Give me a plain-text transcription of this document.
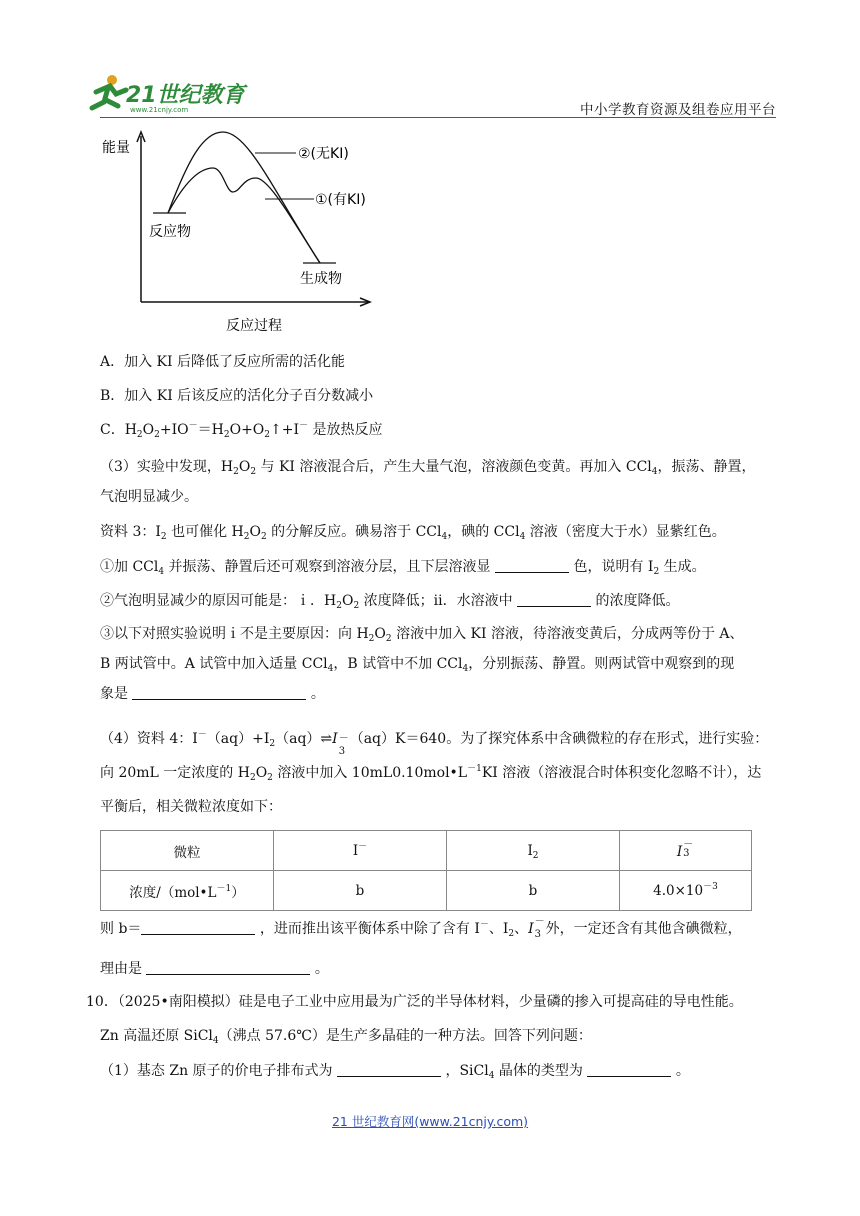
21世纪教育
www.21cnjy.com	中小学教育资源及组卷应用平台
能量
反应过程
②(无KI)
①(有KI)
反应物
生成物
A．加入 KI 后降低了反应所需的活化能
B．加入 KI 后该反应的活化分子百分数减小
C．$H_2O_2+IO^-=H_2O+O_2↑+I^-$ 是放热反应
（3）实验中发现，$H_2O_2$ 与 KI 溶液混合后，产生大量气泡，溶液颜色变黄。再加入 CCl$_4$，振荡、静置，
气泡明显减少。
资料 3：$I_2$ 也可催化 $H_2O_2$ 的分解反应。碘易溶于 CCl$_4$，碘的 CCl$_4$ 溶液（密度大于水）显紫红色。
①加 CCl$_4$ 并振荡、静置后还可观察到溶液分层，且下层溶液显	色，说明有 $I_2$ 生成。
②气泡明显减少的原因可能是：ｉ．$H_2O_2$ 浓度降低；ⅱ．水溶液中	的浓度降低。
③以下对照实验说明ｉ不是主要原因：向 $H_2O_2$ 溶液中加入 KI 溶液，待溶液变黄后，分成两等份于 A、
B 两试管中。A 试管中加入适量 CCl$_4$，B 试管中不加 CCl$_4$，分别振荡、静置。则两试管中观察到的现
象是	。
（4）资料 4：$I^-(aq)+I_2(aq)\rightleftharpoons I$ －
3
（aq）K＝640。为了探究体系中含碘微粒的存在形式，进行实验：
向 20mL 一定浓度的 $H_2O_2$ 溶液中加入 $10mL0.10mol•L^{-1}KI$ 溶液（溶液混合时体积变化忽略不计），达
平衡后，相关微粒浓度如下：
微粒	I－	$I_2$	I －
3

浓度$/(mol•L^{-1})$	b	b	$4.0\times 10^{-3}$
则 b＝	，进而推出该平衡体系中除了含有 I－、$I_2$、I －
3 外，一定还含有其他含碘微粒，
理由是	。
10．（2025•南阳模拟）硅是电子工业中应用最为广泛的半导体材料，少量磷的掺入可提高硅的导电性能。
Zn 高温还原 SiCl$_4$（沸点 57.6℃）是生产多晶硅的一种方法。回答下列问题：
（1）基态 Zn 原子的价电子排布式为	，SiCl$_4$ 晶体的类型为	。
21 世纪教育网(www.21cnjy.com)
